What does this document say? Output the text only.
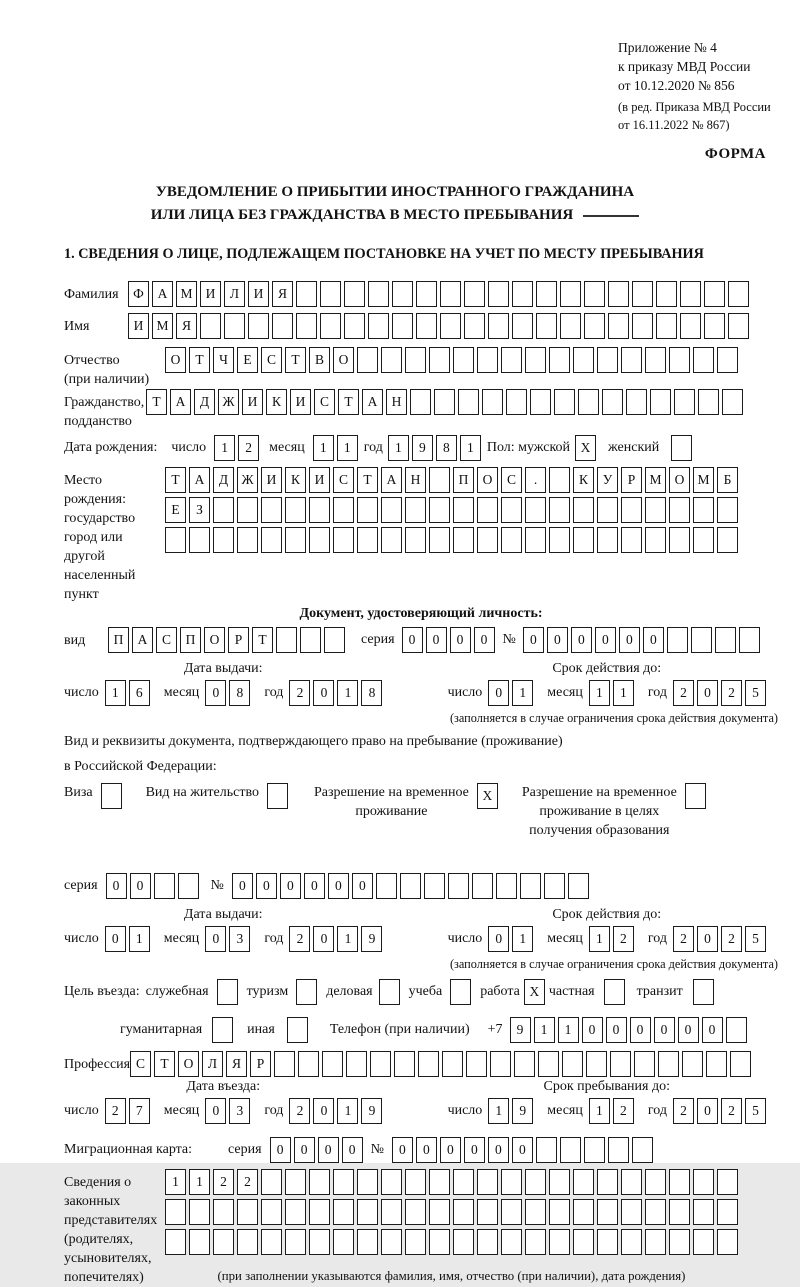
Приложение № 4
к приказу МВД России
от 10.12.2020 № 856
(в ред. Приказа МВД России
от 16.11.2022 № 867)
ФОРМА
УВЕДОМЛЕНИЕ О ПРИБЫТИИ ИНОСТРАННОГО ГРАЖДАНИНА
ИЛИ ЛИЦА БЕЗ ГРАЖДАНСТВА В МЕСТО ПРЕБЫВАНИЯ
1. СВЕДЕНИЯ О ЛИЦЕ, ПОДЛЕЖАЩЕМ ПОСТАНОВКЕ НА УЧЕТ ПО МЕСТУ ПРЕБЫВАНИЯ
Фамилия	Ф	А М И	Л	И	Я
Имя	И М Я
Отчество
(при наличии)
О	Т	Ч	Е	С	Т	В	О
Гражданство,
подданство
Т	А	Д Ж И	К	И	С	Т	А	Н
Дата рождения: число	1	2	месяц	1	1 год 1	9	8	1 Пол: мужской X	женский
Место рождения:
государство
город или другой
населенный пункт
Т	А	Д Ж И	К	И	С	Т	А	Н	П	О	С	.	К	У	Р	М О М	Б
Е	З
Документ, удостоверяющий личность:
вид	П	А	С	П	О	Р	Т	серия	0	0	0	0	№	0	0	0	0	0	0
Дата выдачи:
число 1	6	месяц 0	8	год 2	0	1	8
Срок действия до:
число 0	1	месяц 1	1	год 2	0	2	5
(заполняется в случае ограничения срока действия документа)
Вид и реквизиты документа, подтверждающего право на пребывание (проживание)
в Российской Федерации:
Виза	Вид на жительство	Разрешение на временное
проживание
X	Разрешение на временное
проживание в целях
получения образования
серия	0	0	№	0	0	0	0	0	0
Дата выдачи:
число 0	1	месяц 0	3	год 2	0	1	9
Срок действия до:
число 0	1	месяц 1	2	год 2	0	2	5
(заполняется в случае ограничения срока действия документа)
Цель въезда: служебная	туризм	деловая	учеба	работа X частная	транзит
гуманитарная	иная	Телефон (при наличии) +7	9	1	1	0	0	0	0	0	0
Профессия С	Т	О	Л	Я	Р
Дата въезда:
число 2	7	месяц 0	3	год 2	0	1	9
Срок пребывания до:
число 1	9	месяц 1	2	год 2	0	2	5
Миграционная карта:	серия	0	0	0	0	№	0	0	0	0	0	0
Сведения о
законных
представителях
(родителях,
усыновителях,
попечителях)
1	1	2	2
(при заполнении указываются фамилия, имя, отчество (при наличии), дата рождения)
